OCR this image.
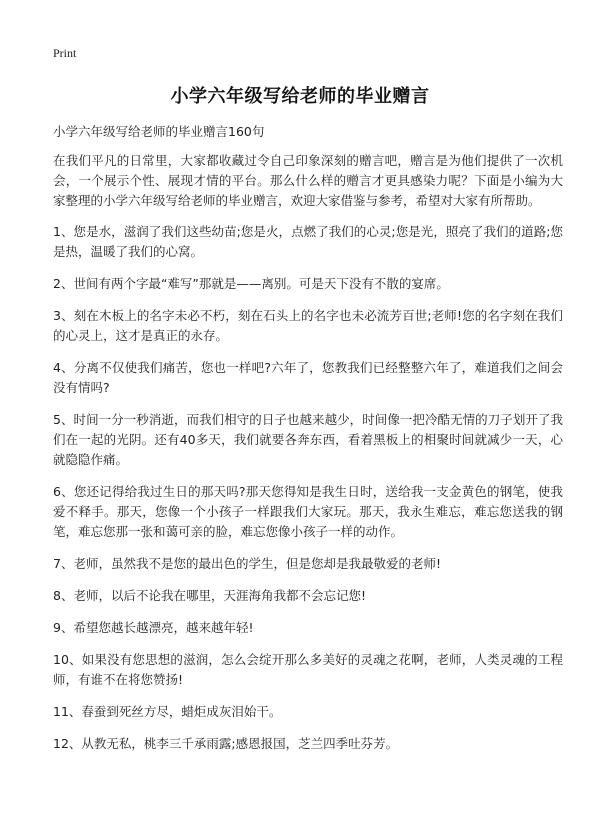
Print
小学六年级写给老师的毕业赠言
小学六年级写给老师的毕业赠言160句

在我们平凡的日常里，大家都收藏过令自己印象深刻的赠言吧，赠言是为他们提供了一次机会，一个展示个性、展现才情的平台。那么什么样的赠言才更具感染力呢？下面是小编为大家整理的小学六年级写给老师的毕业赠言，欢迎大家借鉴与参考，希望对大家有所帮助。

1、您是水，滋润了我们这些幼苗;您是火，点燃了我们的心灵;您是光，照亮了我们的道路;您是热，温暖了我们的心窝。

2、世间有两个字最“难写”那就是——离别。可是天下没有不散的宴席。

3、刻在木板上的名字未必不朽，刻在石头上的名字也未必流芳百世;老师!您的名字刻在我们的心灵上，这才是真正的永存。

4、分离不仅使我们痛苦，您也一样吧?六年了，您教我们已经整整六年了，难道我们之间会没有情吗?

5、时间一分一秒消逝，而我们相守的日子也越来越少，时间像一把冷酷无情的刀子划开了我们在一起的光阴。还有40多天，我们就要各奔东西，看着黑板上的相聚时间就减少一天，心就隐隐作痛。

6、您还记得给我过生日的那天吗?那天您得知是我生日时，送给我一支金黄色的钢笔，使我爱不释手。那天，您像一个小孩子一样跟我们大家玩。那天，我永生难忘，难忘您送我的钢笔，难忘您那一张和蔼可亲的脸，难忘您像小孩子一样的动作。

7、老师，虽然我不是您的最出色的学生，但是您却是我最敬爱的老师!

8、老师，以后不论我在哪里，天涯海角我都不会忘记您!

9、希望您越长越漂亮，越来越年轻!

10、如果没有您思想的滋润，怎么会绽开那么多美好的灵魂之花啊，老师，人类灵魂的工程师，有谁不在将您赞扬!

11、春蚕到死丝方尽，蜡炬成灰泪始干。

12、从教无私，桃李三千承雨露;感恩报国，芝兰四季吐芬芳。
